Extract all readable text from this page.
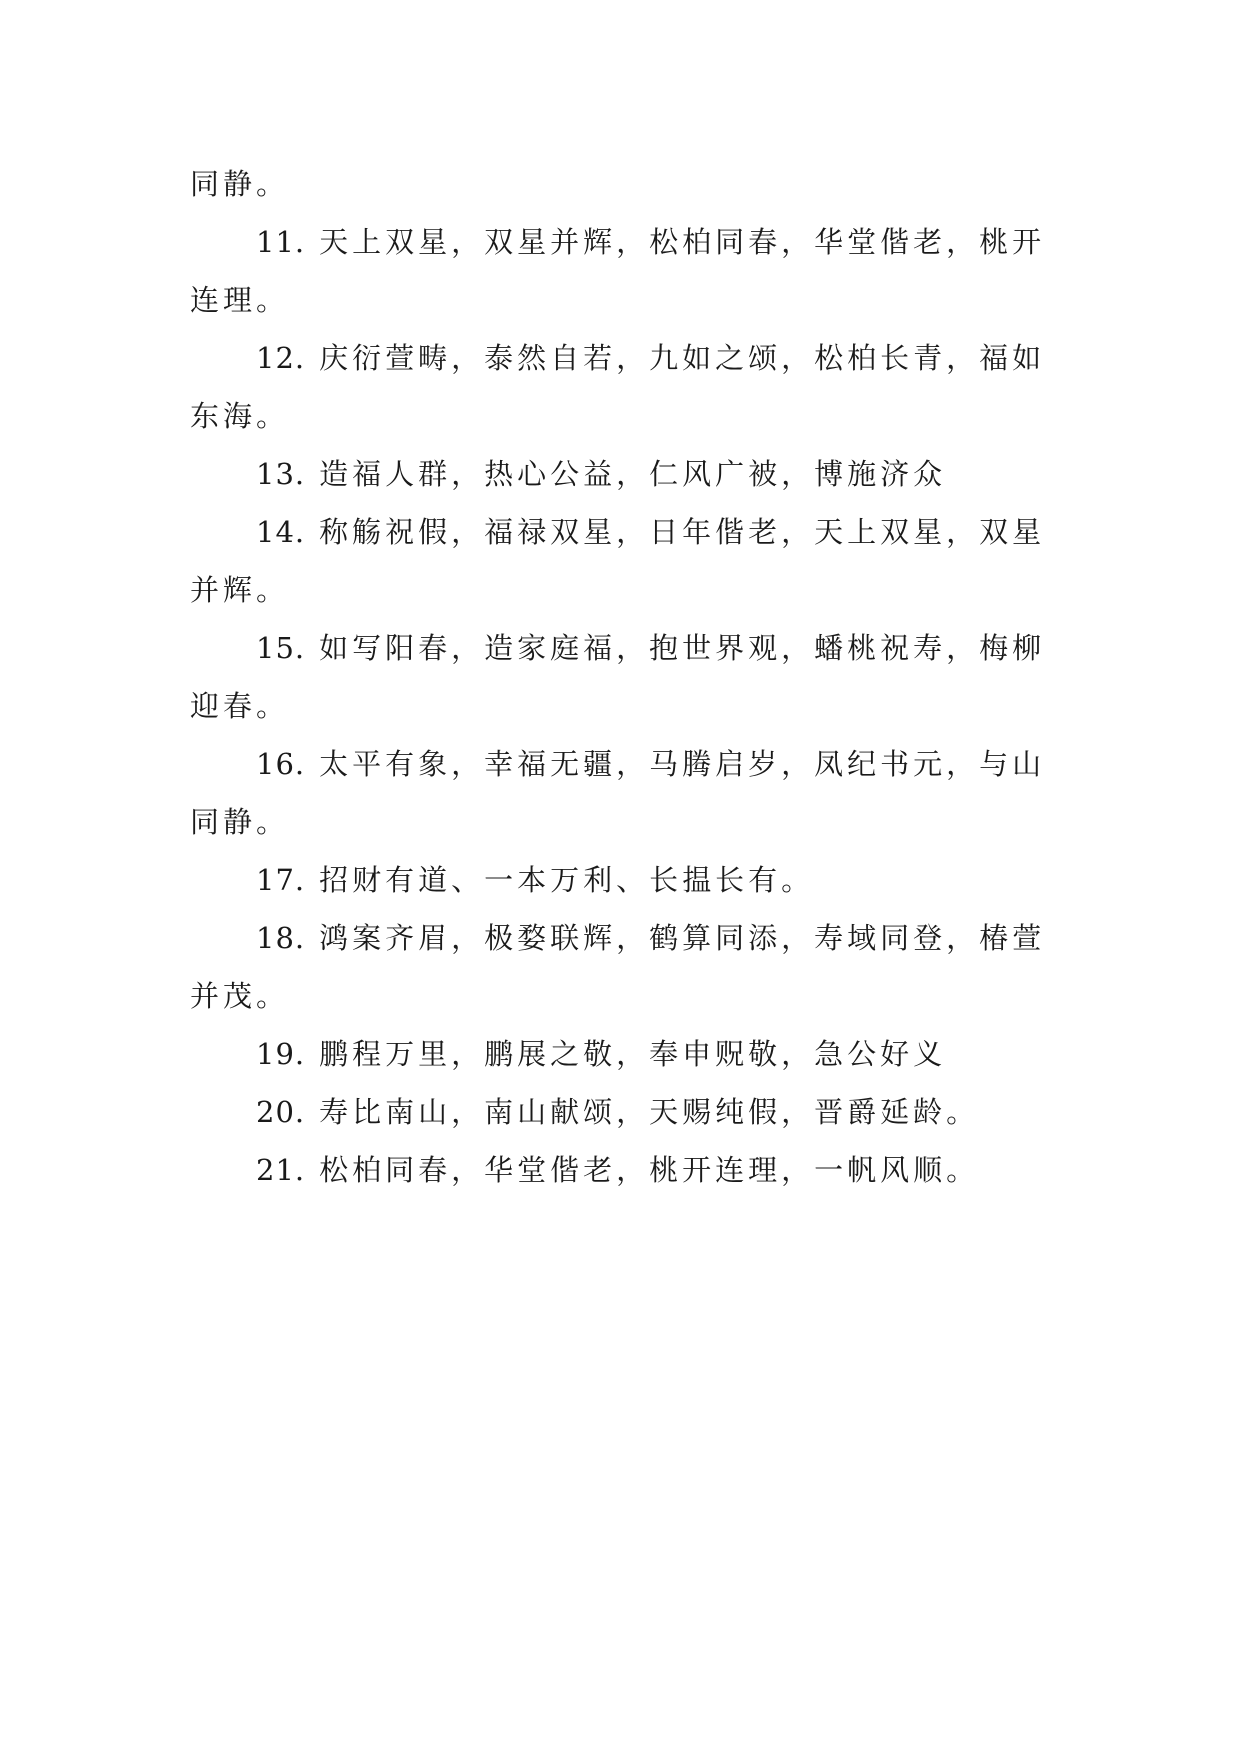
同静。
11. 天上双星，双星并辉，松柏同春，华堂偕老，桃开
连理。
12. 庆衍萱畴，泰然自若，九如之颂，松柏长青，福如
东海。
13. 造福人群，热心公益，仁风广被，博施济众
14. 称觞祝假，福禄双星，日年偕老，天上双星，双星
并辉。
15. 如写阳春，造家庭福，抱世界观，蟠桃祝寿，梅柳
迎春。
16. 太平有象，幸福无疆，马腾启岁，凤纪书元，与山
同静。
17. 招财有道、一本万利、长揾长有。
18. 鸿案齐眉，极婺联辉，鹤算同添，寿域同登，椿萱
并茂。
19. 鹏程万里，鹏展之敬，奉申贶敬，急公好义
20. 寿比南山，南山献颂，天赐纯假，晋爵延龄。
21. 松柏同春，华堂偕老，桃开连理，一帆风顺。
